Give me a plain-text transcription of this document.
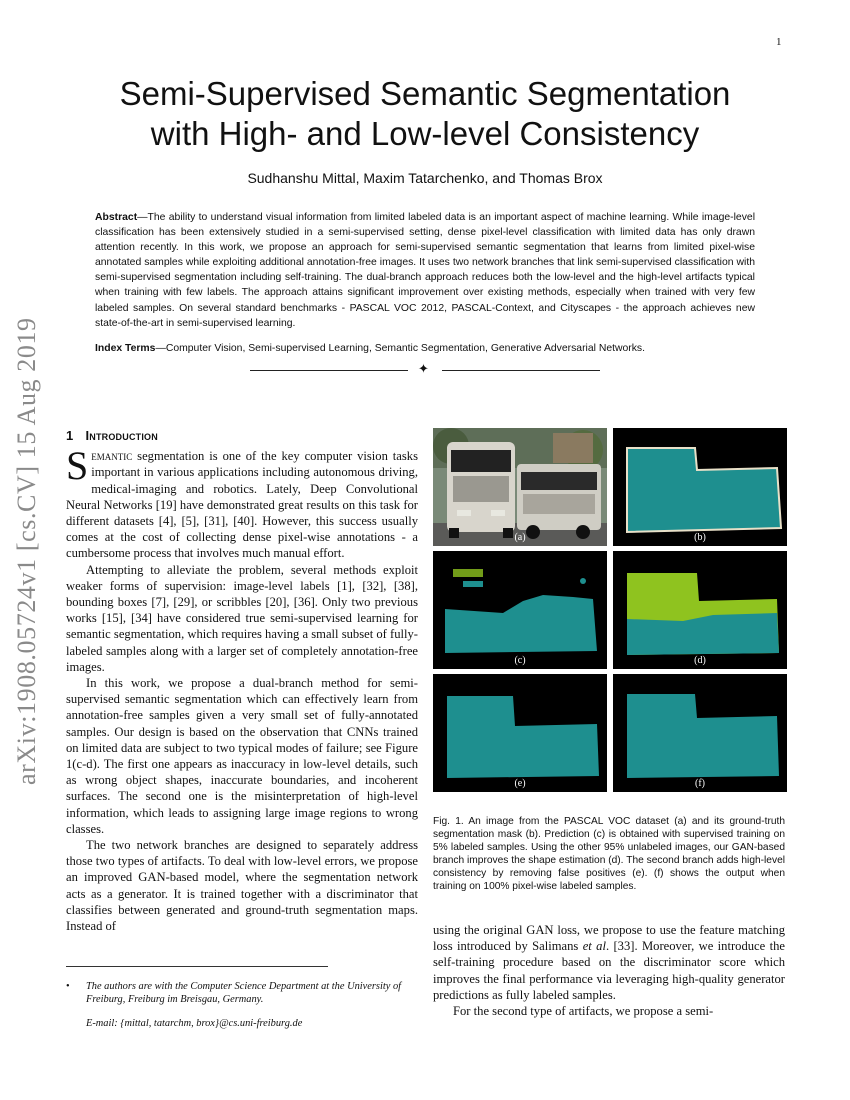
1
arXiv:1908.05724v1 [cs.CV] 15 Aug 2019
Semi-Supervised Semantic Segmentation
with High- and Low-level Consistency
Sudhanshu Mittal, Maxim Tatarchenko, and Thomas Brox
Abstract—The ability to understand visual information from limited labeled data is an important aspect of machine learning. While image-level classification has been extensively studied in a semi-supervised setting, dense pixel-level classification with limited data has only drawn attention recently. In this work, we propose an approach for semi-supervised semantic segmentation that learns from limited pixel-wise annotated samples while exploiting additional annotation-free images. It uses two network branches that link semi-supervised classification with semi-supervised segmentation including self-training. The dual-branch approach reduces both the low-level and the high-level artifacts typical when training with few labels. The approach attains significant improvement over existing methods, especially when trained with very few labeled samples. On several standard benchmarks - PASCAL VOC 2012, PASCAL-Context, and Cityscapes - the approach achieves new state-of-the-art in semi-supervised learning.
Index Terms—Computer Vision, Semi-supervised Learning, Semantic Segmentation, Generative Adversarial Networks.
✦
1 Introduction

Semantic segmentation is one of the key computer vision tasks important in various applications including autonomous driving, medical-imaging and robotics. Lately, Deep Convolutional Neural Networks [19] have demonstrated great results on this task for different datasets [4], [5], [31], [40]. However, this success usually comes at the cost of collecting dense pixel-wise annotations - a cumbersome process that involves much manual effort.

Attempting to alleviate the problem, several methods exploit weaker forms of supervision: image-level labels [1], [32], [38], bounding boxes [7], [29], or scribbles [20], [36]. Only two previous works [15], [34] have considered true semi-supervised learning for semantic segmentation, which requires having a small subset of fully-labeled samples along with a larger set of completely annotation-free images.

In this work, we propose a dual-branch method for semi-supervised semantic segmentation which can effectively learn from annotation-free samples given a very small set of fully-annotated samples. Our design is based on the observation that CNNs trained on limited data are subject to two typical modes of failure; see Figure 1(c-d). The first one appears as inaccuracy in low-level details, such as wrong object shapes, inaccurate boundaries, and incoherent surfaces. The second one is the misinterpretation of high-level information, which leads to assigning large image regions to wrong classes.

The two network branches are designed to separately address those two types of artifacts. To deal with low-level errors, we propose an improved GAN-based model, where the segmentation network acts as a generator. It is trained together with a discriminator that classifies between generated and ground-truth segmentation maps. Instead of

(a)	(b)
(c)	(d)
(e)	(f)
Fig. 1. An image from the PASCAL VOC dataset (a) and its ground-truth segmentation mask (b). Prediction (c) is obtained with supervised training on 5% labeled samples. Using the other 95% unlabeled images, our GAN-based branch improves the shape estimation (d). The second branch adds high-level consistency by removing false positives (e). (f) shows the output when training on 100% pixel-wise labeled samples.

using the original GAN loss, we propose to use the feature matching loss introduced by Salimans et al. [33]. Moreover, we introduce the self-training procedure based on the discriminator score which improves the final performance via leveraging high-quality generator predictions as fully labeled samples.

For the second type of artifacts, we propose a semi-

• The authors are with the Computer Science Department at the University of Freiburg, Freiburg im Breisgau, Germany.
E-mail: {mittal, tatarchm, brox}@cs.uni-freiburg.de
